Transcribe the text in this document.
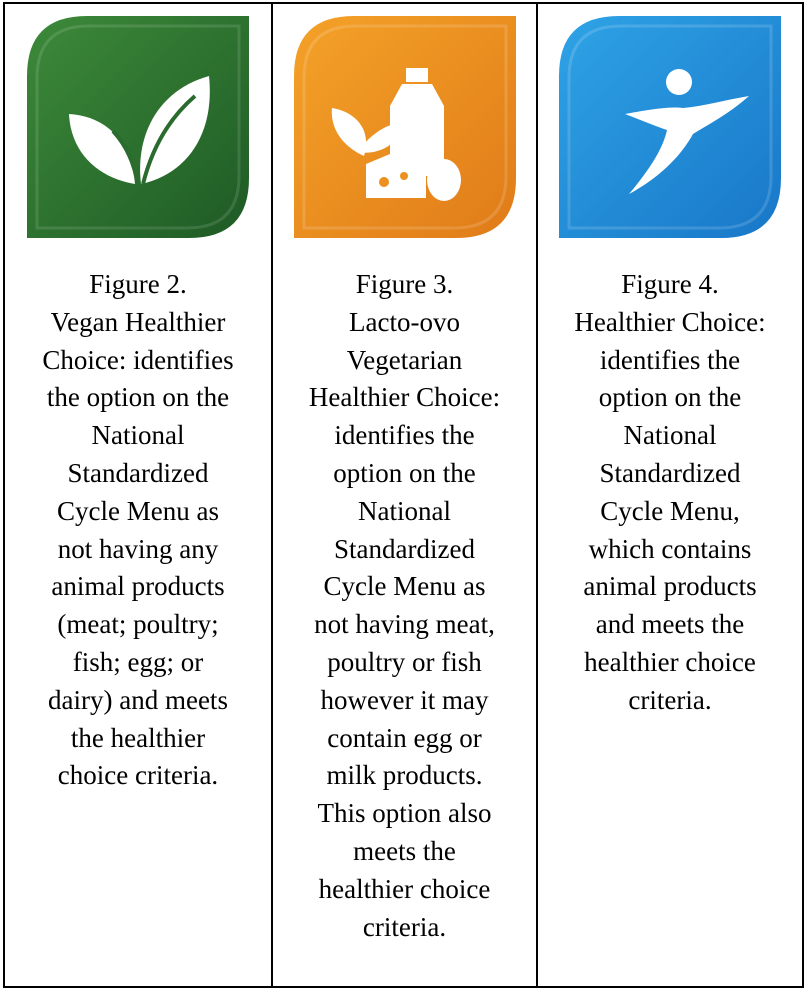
Figure 2.
Vegan Healthier
Choice: identifies
the option on the
National
Standardized
Cycle Menu as
not having any
animal products
(meat; poultry;
fish; egg; or
dairy) and meets
the healthier
choice criteria.
Figure 3.
Lacto-ovo
Vegetarian
Healthier Choice:
identifies the
option on the
National
Standardized
Cycle Menu as
not having meat,
poultry or fish
however it may
contain egg or
milk products.
This option also
meets the
healthier choice
criteria.
Figure 4.
Healthier Choice:
identifies the
option on the
National
Standardized
Cycle Menu,
which contains
animal products
and meets the
healthier choice
criteria.
